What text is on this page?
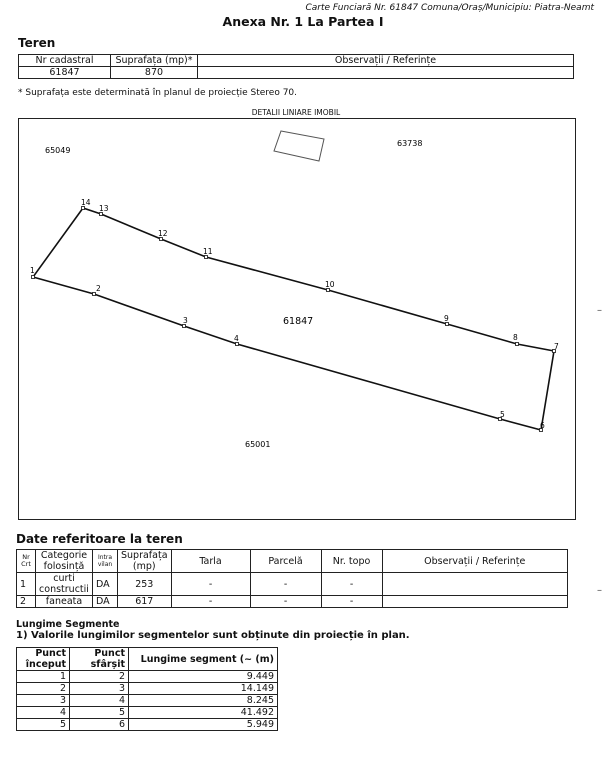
Carte Funciară Nr. 61847 Comuna/Oraș/Municipiu: Piatra-Neamt
Anexa Nr. 1 La Partea I
Teren
Nr cadastral	Suprafața (mp)*	Observații / Referințe
61847	870	
* Suprafața este determinată în planul de proiecție Stereo 70.
DETALII LINIARE IMOBIL
1
2
3
4
5
6
7
8
9
10
11
12
13
14
65049
63738
65001
61847
–
–
Date referitoare la teren
Nr Crt	Categorie folosință	Intra vilan	Suprafața (mp)	Tarla	Parcelă	Nr. topo	Observații / Referințe
1	curti constructii	DA	253	-	-	-	
2	faneata	DA	617	-	-	-	
Lungime Segmente
1) Valorile lungimilor segmentelor sunt obținute din proiecție în plan.
Punct început	Punct sfârșit	Lungime segment (~ (m)
1	2	9.449
2	3	14.149
3	4	8.245
4	5	41.492
5	6	5.949
